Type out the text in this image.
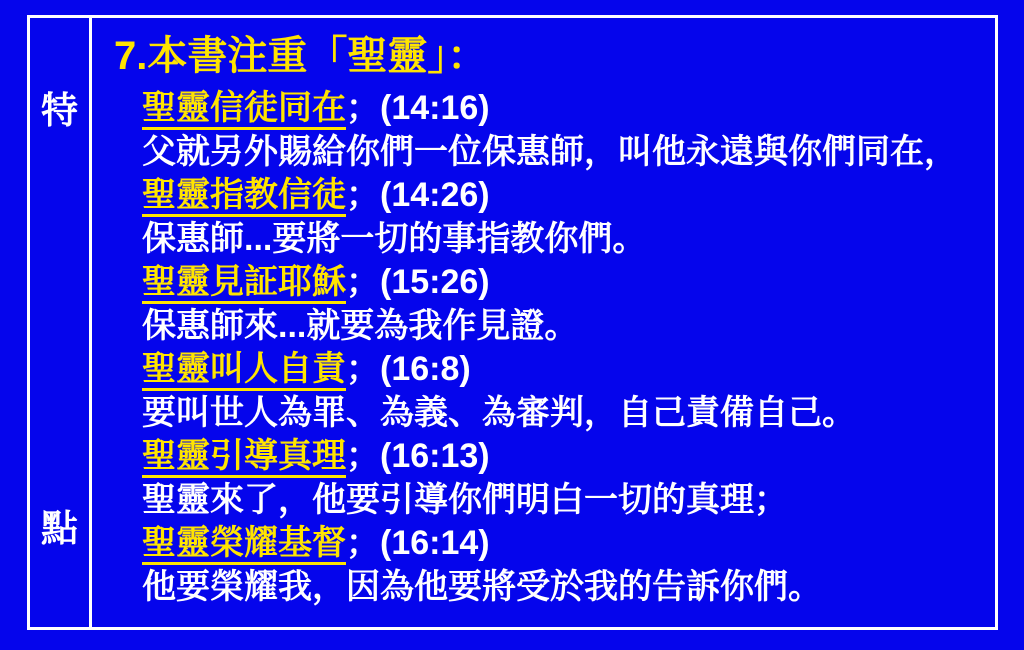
特
點
7.本書注重「聖靈」：
聖靈信徒同在；(14:16)
父就另外賜給你們一位保惠師，叫他永遠與你們同在，
聖靈指教信徒；(14:26)
保惠師...要將一切的事指教你們。
聖靈見証耶穌；(15:26)
保惠師來...就要為我作見證。
聖靈叫人自責；(16:8)
要叫世人為罪、為義、為審判，自己責備自己。
聖靈引導真理；(16:13)
聖靈來了，他要引導你們明白一切的真理；
聖靈榮耀基督；(16:14)
他要榮耀我，因為他要將受於我的告訴你們。
